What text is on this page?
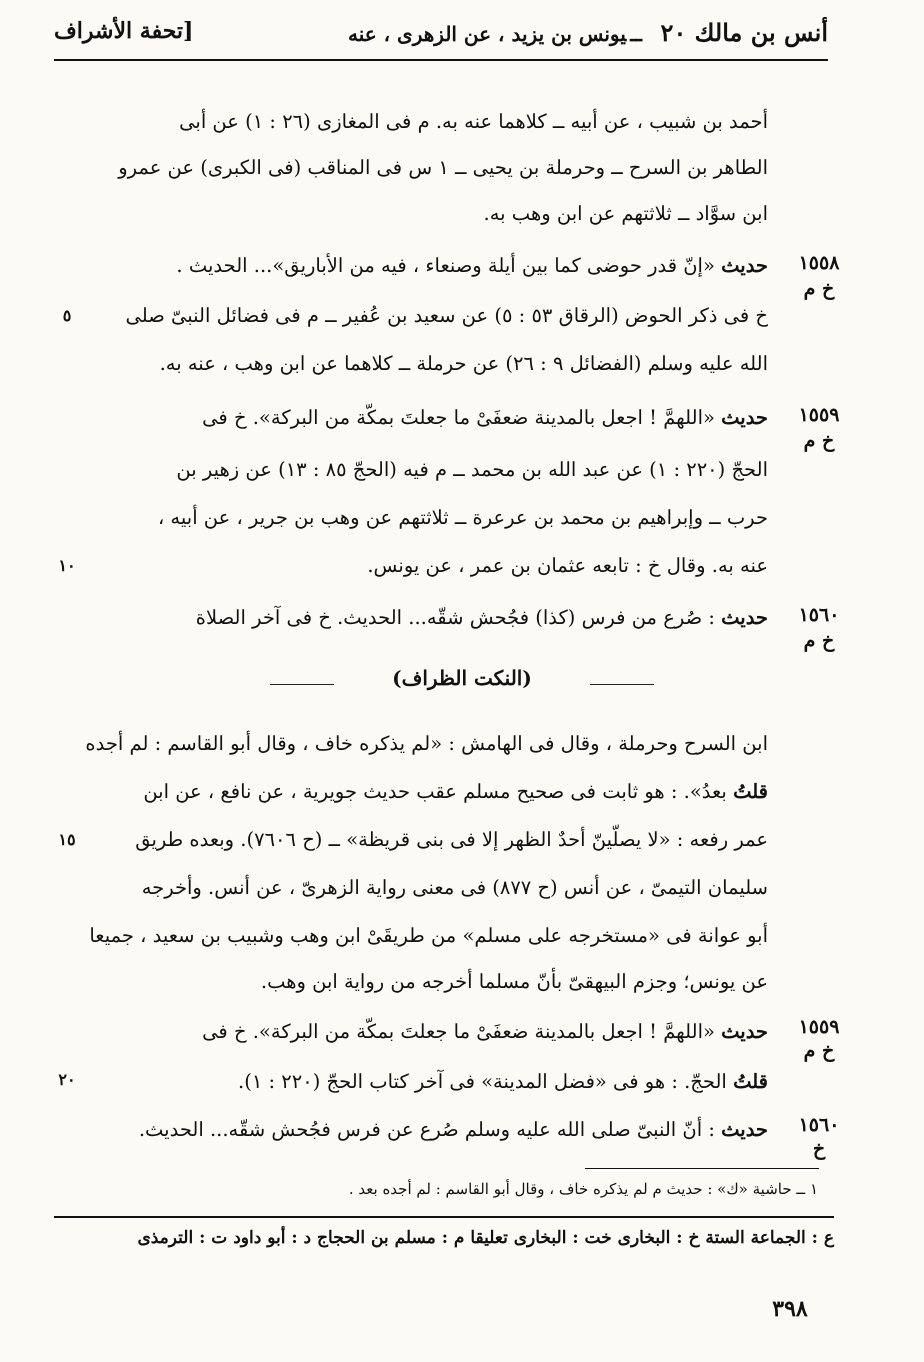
أنس بن مالك ٢٠
ــيونس بن يزيد ، عن الزهرى ، عنه
[تحفة الأشراف
أحمد بن شبيب ، عن أبيه ــ كلاهما عنه به. م فى المغازى (٢٦ : ١) عن أبى
الطاهر بن السرح ــ وحرملة بن يحيى ــ ١ س فى المناقب (فى الكبرى) عن عمرو
ابن سوَّاد ــ ثلاثتهم عن ابن وهب به.
حديث «إنّ قدر حوضى كما بين أيلة وصنعاء ، فيه من الأباريق»... الحديث .
خ فى ذكر الحوض (الرقاق ٥٣ : ٥) عن سعيد بن عُفير ــ م فى فضائل النبىّ صلى
الله عليه وسلم (الفضائل ٩ : ٢٦) عن حرملة ــ كلاهما عن ابن وهب ، عنه به.
حديث «اللهمَّ ! اجعل بالمدينة ضعفَىْ ما جعلتَ بمكّة من البركة». خ فى
الحجّ (٢٢٠ : ١) عن عبد الله بن محمد ــ م فيه (الحجّ ٨٥ : ١٣) عن زهير بن
حرب ــ وإبراهيم بن محمد بن عرعرة ــ ثلاثتهم عن وهب بن جرير ، عن أبيه ،
عنه به. وقال خ : تابعه عثمان بن عمر ، عن يونس.
حديث : صُرع من فرس (كذا) فجُحش شقّه... الحديث. خ فى آخر الصلاة
(النكت الظراف)
ابن السرح وحرملة ، وقال فى الهامش : «لم يذكره خاف ، وقال أبو القاسم : لم أجده
قلتُ بعدُ». : هو ثابت فى صحيح مسلم عقب حديث جويرية ، عن نافع ، عن ابن
عمر رفعه : «لا يصلّينّ أحدٌ الظهر إلا فى بنى قريظة» ــ (ح ٧٦٠٦). وبعده طريق
سليمان التيمىّ ، عن أنس (ح ٨٧٧) فى معنى رواية الزهرىّ ، عن أنس. وأخرجه
أبو عوانة فى «مستخرجه على مسلم» من طريقَىْ ابن وهب وشبيب بن سعيد ، جميعا
عن يونس؛ وجزم البيهقىّ بأنّ مسلما أخرجه من رواية ابن وهب.
حديث «اللهمَّ ! اجعل بالمدينة ضعفَىْ ما جعلتَ بمكّة من البركة». خ فى
قلتُ الحجّ. : هو فى «فضل المدينة» فى آخر كتاب الحجّ (٢٢٠ : ١).
حديث : أنّ النبىّ صلى الله عليه وسلم صُرع عن فرس فجُحش شقّه... الحديث.
١٥٥٨
خ م
١٥٥٩
خ م
١٥٦٠
خ م
١٥٥٩
خ م
١٥٦٠
خ
٥
١٠
١٥
٢٠
١ ــ حاشية «ك» : حديث م لم يذكره خاف ، وقال أبو القاسم : لم أجده بعد .
ع : الجماعة الستة خ : البخارى خت : البخارى تعليقا م : مسلم بن الحجاج د : أبو داود ت : الترمذى
٣٩٨
